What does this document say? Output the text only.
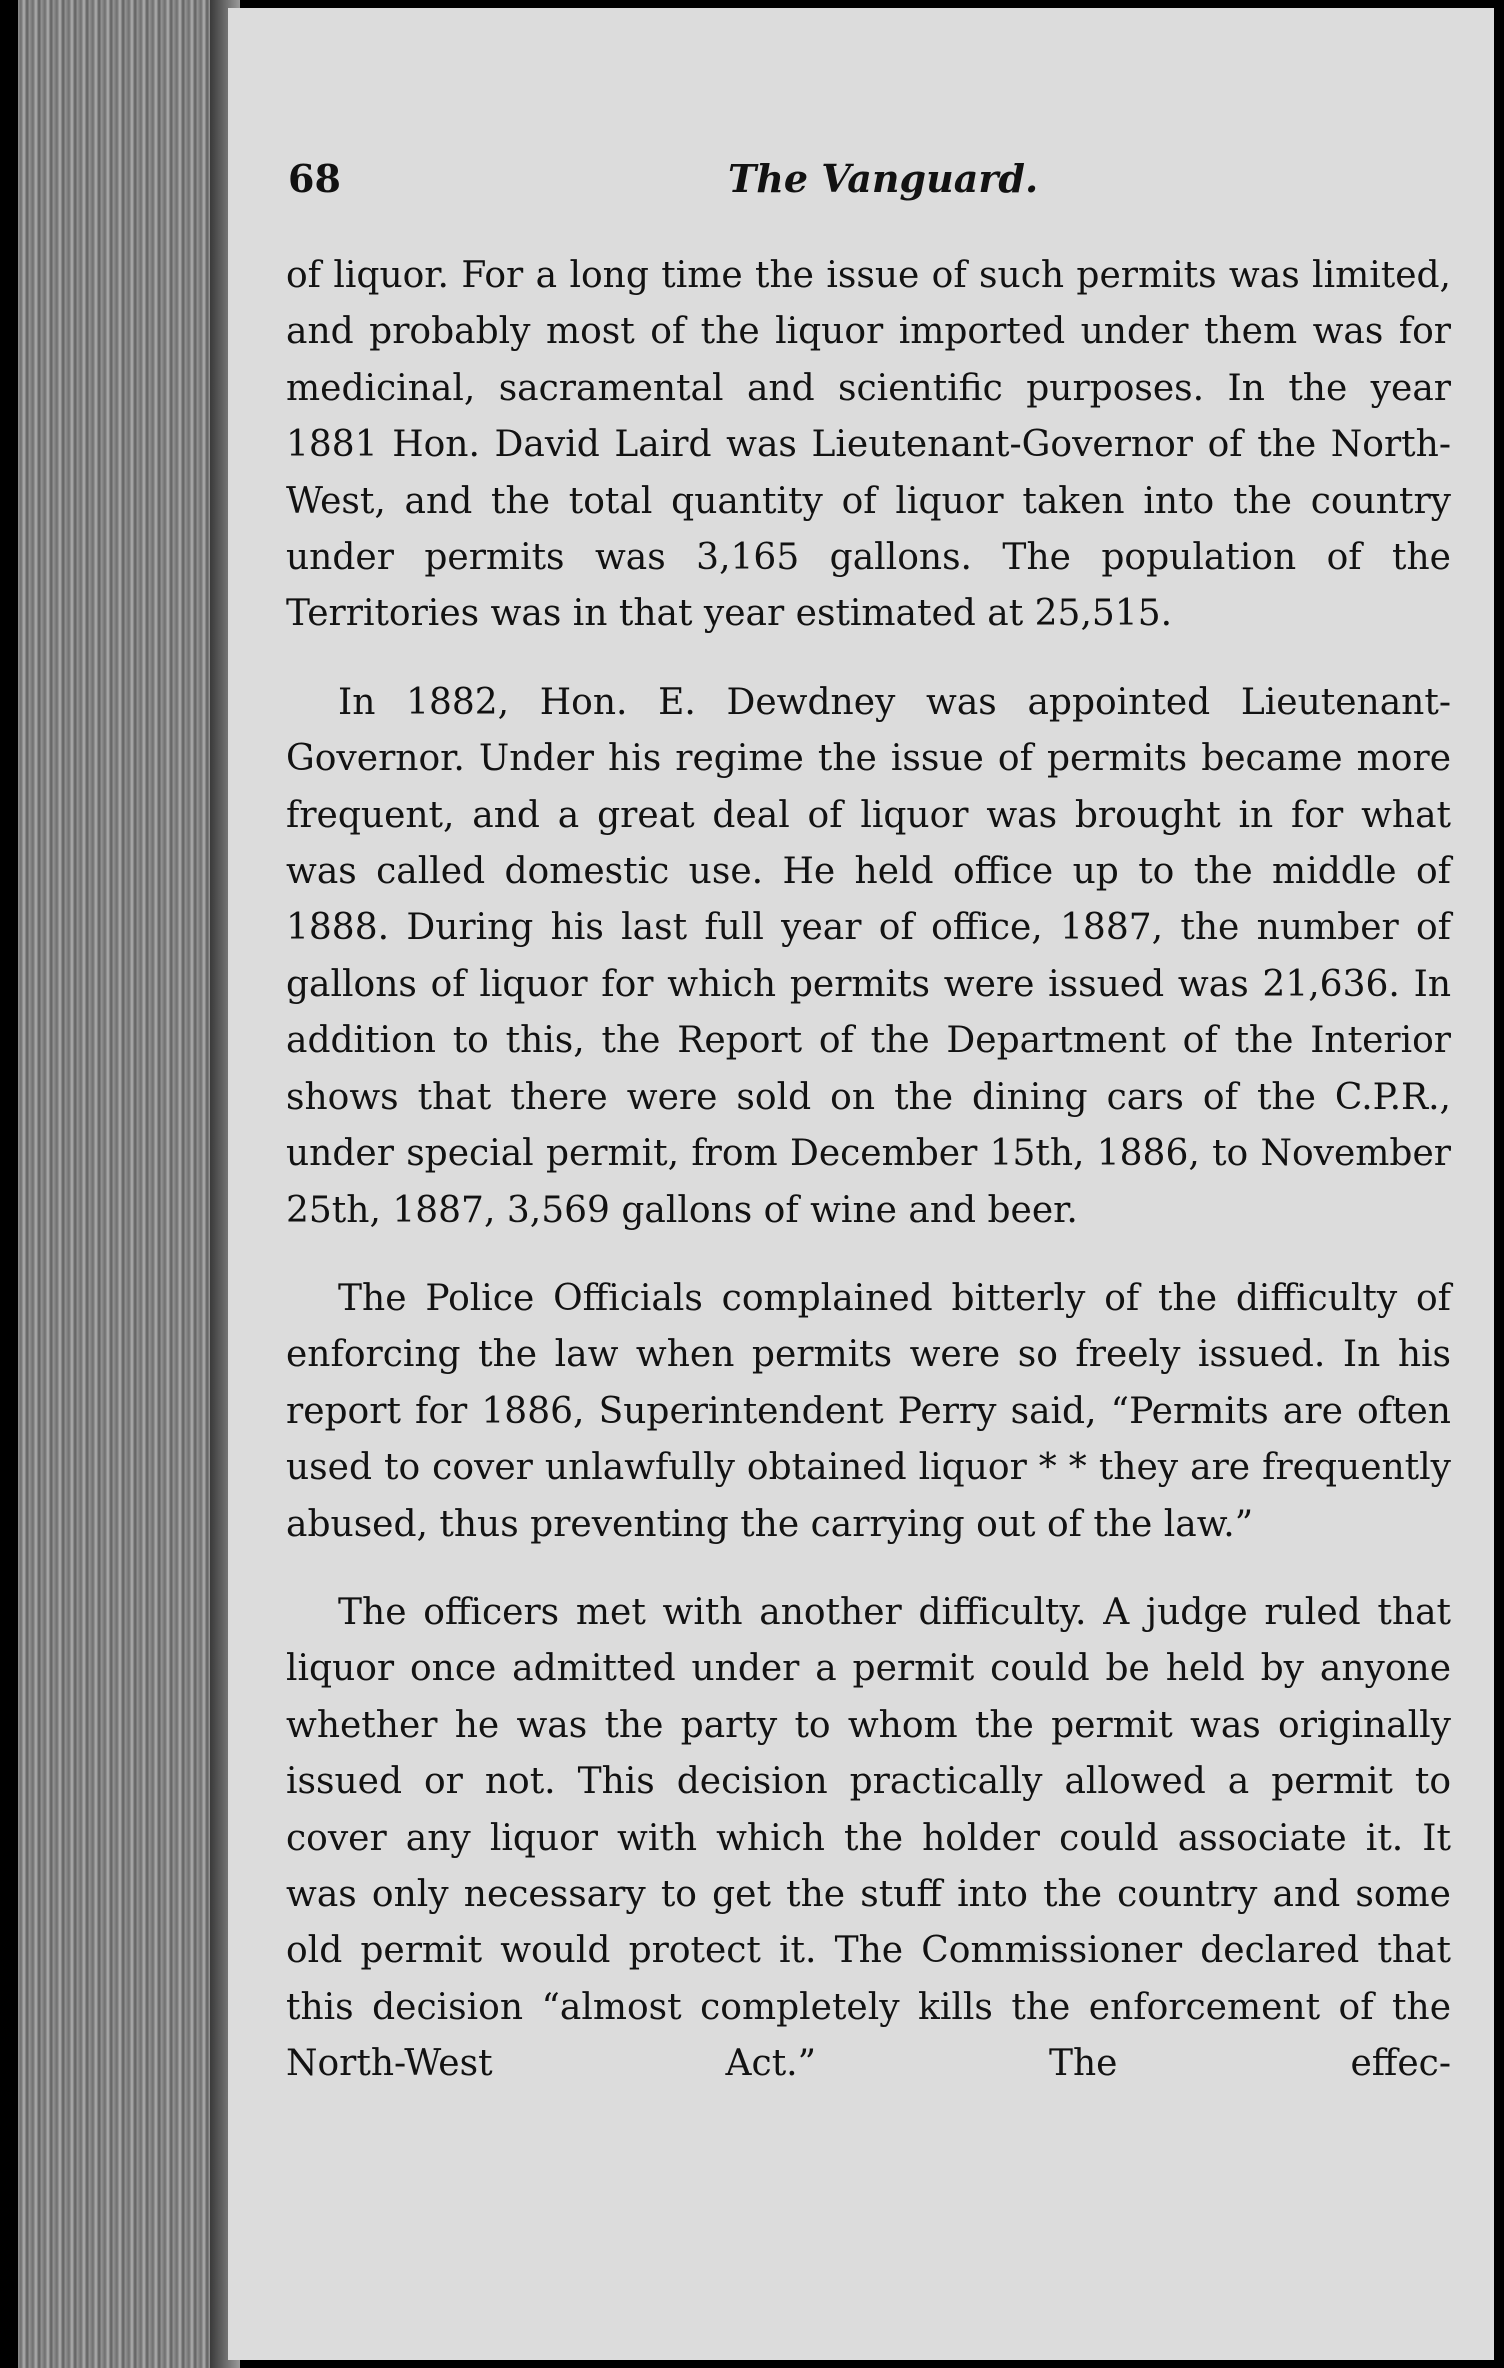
68	The Vanguard.

of liquor. For a long time the issue of such permits was limited, and probably most of the liquor imported under them was for medicinal, sacramental and scientific purposes. In the year 1881 Hon. David Laird was Lieutenant-Governor of the North-West, and the total quantity of liquor taken into the country under permits was 3,165 gallons. The population of the Territories was in that year estimated at 25,515.

In 1882, Hon. E. Dewdney was appointed Lieutenant-Governor. Under his regime the issue of permits became more frequent, and a great deal of liquor was brought in for what was called domestic use. He held office up to the middle of 1888. During his last full year of office, 1887, the number of gallons of liquor for which permits were issued was 21,636. In addition to this, the Report of the Department of the Interior shows that there were sold on the dining cars of the C.P.R., under special permit, from December 15th, 1886, to November 25th, 1887, 3,569 gallons of wine and beer.

The Police Officials complained bitterly of the difficulty of enforcing the law when permits were so freely issued. In his report for 1886, Superintendent Perry said, “Permits are often used to cover unlawfully obtained liquor * * they are frequently abused, thus preventing the carrying out of the law.”

The officers met with another difficulty. A judge ruled that liquor once admitted under a permit could be held by anyone whether he was the party to whom the permit was originally issued or not. This decision practically allowed a permit to cover any liquor with which the holder could associate it. It was only necessary to get the stuff into the country and some old permit would protect it. The Commissioner declared that this decision “almost completely kills the enforcement of the North-West Act.” The effec-
